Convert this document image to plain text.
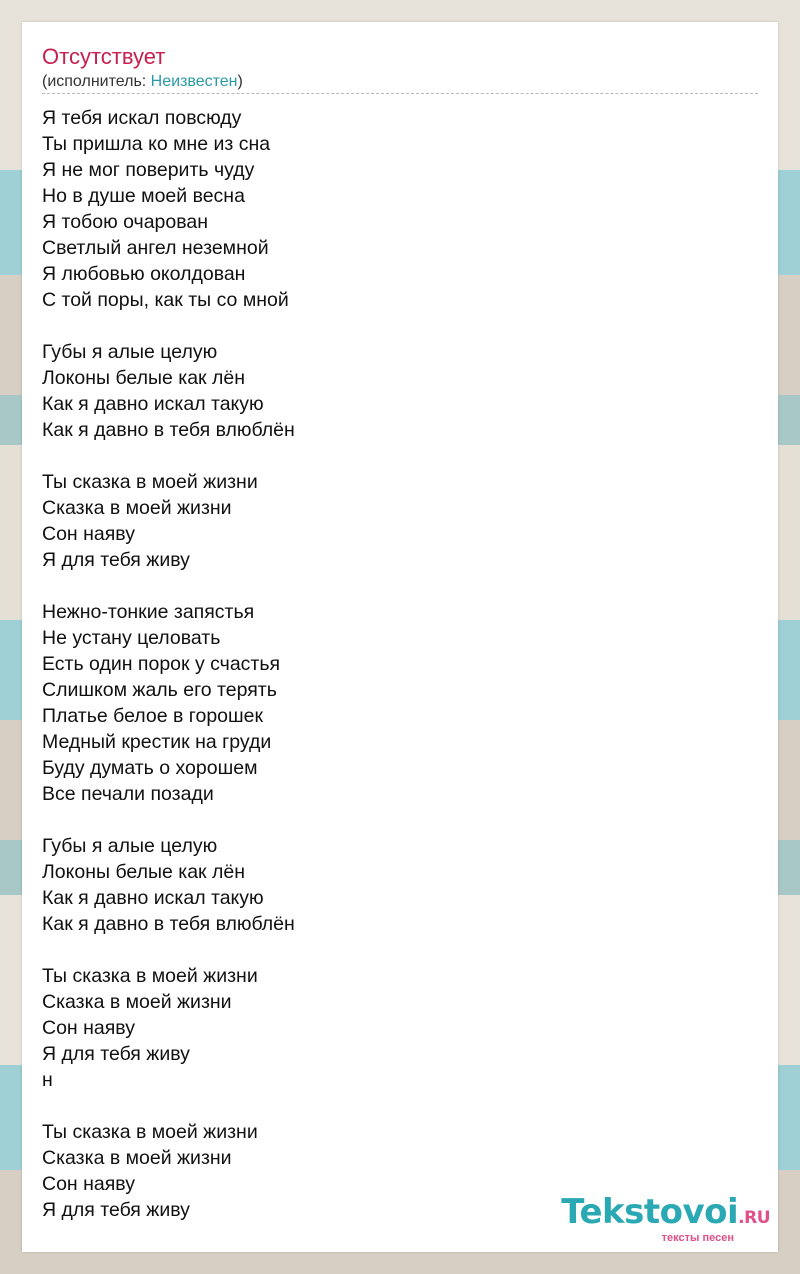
Отсутствует
(исполнитель: Неизвестен)
Я тебя искал повсюду
Ты пришла ко мне из сна
Я не мог поверить чуду
Но в душе моей весна
Я тобою очарован
Светлый ангел неземной
Я любовью околдован
С той поры, как ты со мной
Губы я алые целую
Локоны белые как лён
Как я давно искал такую
Как я давно в тебя влюблён
Ты сказка в моей жизни
Сказка в моей жизни
Сон наяву
Я для тебя живу
Нежно-тонкие запястья
Не устану целовать
Есть один порок у счастья
Слишком жаль его терять
Платье белое в горошек
Медный крестик на груди
Буду думать о хорошем
Все печали позади
Губы я алые целую
Локоны белые как лён
Как я давно искал такую
Как я давно в тебя влюблён
Ты сказка в моей жизни
Сказка в моей жизни
Сон наяву
Я для тебя живу
н
Ты сказка в моей жизни
Сказка в моей жизни
Сон наяву
Я для тебя живу	Tekstovoi.RU
тексты песен
